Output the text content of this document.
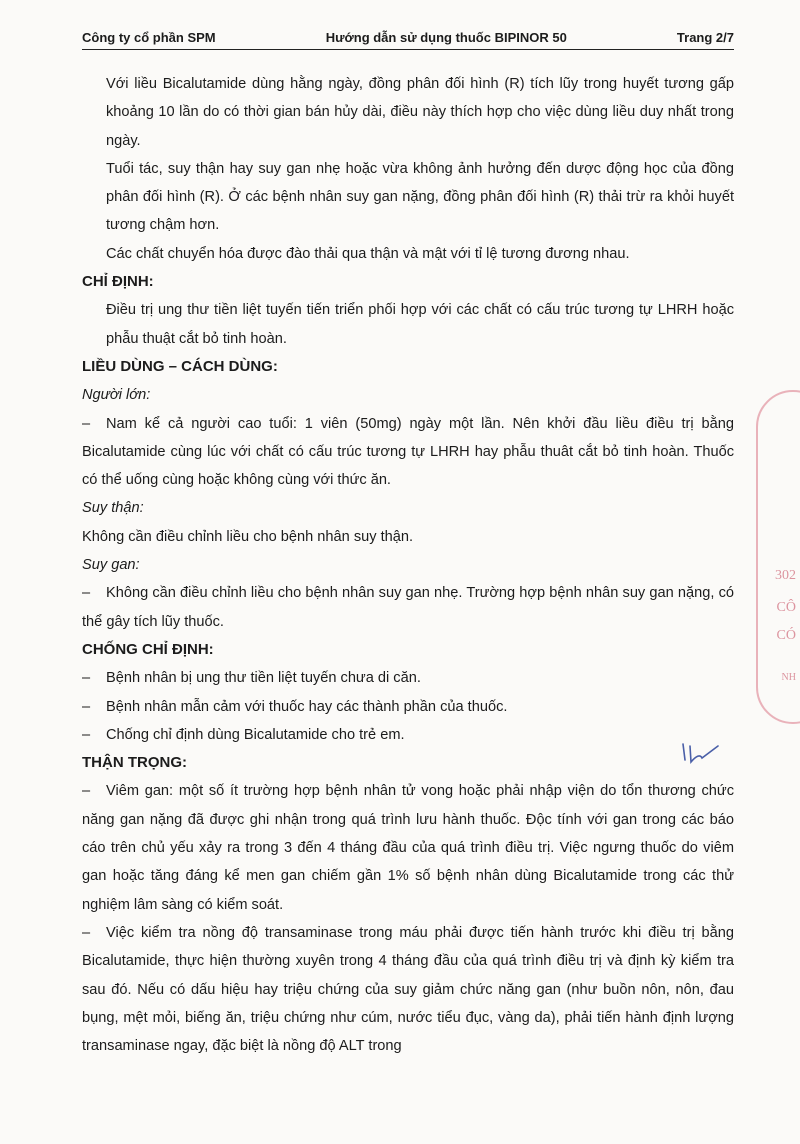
Công ty cổ phần SPM	Hướng dẫn sử dụng thuốc BIPINOR 50	Trang 2/7

Với liều Bicalutamide dùng hằng ngày, đồng phân đối hình (R) tích lũy trong huyết tương gấp khoảng 10 lần do có thời gian bán hủy dài, điều này thích hợp cho việc dùng liều duy nhất trong ngày.

Tuổi tác, suy thận hay suy gan nhẹ hoặc vừa không ảnh hưởng đến dược động học của đồng phân đối hình (R). Ở các bệnh nhân suy gan nặng, đồng phân đối hình (R) thải trừ ra khỏi huyết tương chậm hơn.

Các chất chuyển hóa được đào thải qua thận và mật với tỉ lệ tương đương nhau.

CHỈ ĐỊNH:

Điều trị ung thư tiền liệt tuyến tiến triển phối hợp với các chất có cấu trúc tương tự LHRH hoặc phẫu thuật cắt bỏ tinh hoàn.

LIỀU DÙNG – CÁCH DÙNG:

Người lớn:

– Nam kể cả người cao tuổi: 1 viên (50mg) ngày một lần. Nên khởi đầu liều điều trị bằng Bicalutamide cùng lúc với chất có cấu trúc tương tự LHRH hay phẫu thuât cắt bỏ tinh hoàn. Thuốc có thể uống cùng hoặc không cùng với thức ăn.

Suy thận:

Không cần điều chỉnh liều cho bệnh nhân suy thận.

Suy gan:

– Không cần điều chỉnh liều cho bệnh nhân suy gan nhẹ. Trường hợp bệnh nhân suy gan nặng, có thể gây tích lũy thuốc.

CHỐNG CHỈ ĐỊNH:

– Bệnh nhân bị ung thư tiền liệt tuyến chưa di căn.

– Bệnh nhân mẫn cảm với thuốc hay các thành phần của thuốc.

– Chống chỉ định dùng Bicalutamide cho trẻ em.

THẬN TRỌNG:

– Viêm gan: một số ít trường hợp bệnh nhân tử vong hoặc phải nhập viện do tổn thương chức năng gan nặng đã được ghi nhận trong quá trình lưu hành thuốc. Độc tính với gan trong các báo cáo trên chủ yếu xảy ra trong 3 đến 4 tháng đầu của quá trình điều trị. Việc ngưng thuốc do viêm gan hoặc tăng đáng kể men gan chiếm gần 1% số bệnh nhân dùng Bicalutamide trong các thử nghiệm lâm sàng có kiểm soát.

– Việc kiểm tra nồng độ transaminase trong máu phải được tiến hành trước khi điều trị bằng Bicalutamide, thực hiện thường xuyên trong 4 tháng đầu của quá trình điều trị và định kỳ kiểm tra sau đó. Nếu có dấu hiệu hay triệu chứng của suy giảm chức năng gan (như buồn nôn, nôn, đau bụng, mệt mỏi, biếng ăn, triệu chứng như cúm, nước tiểu đục, vàng da), phải tiến hành định lượng transaminase ngay, đặc biệt là nồng độ ALT trong

302
CÔ
CÓ
NH
